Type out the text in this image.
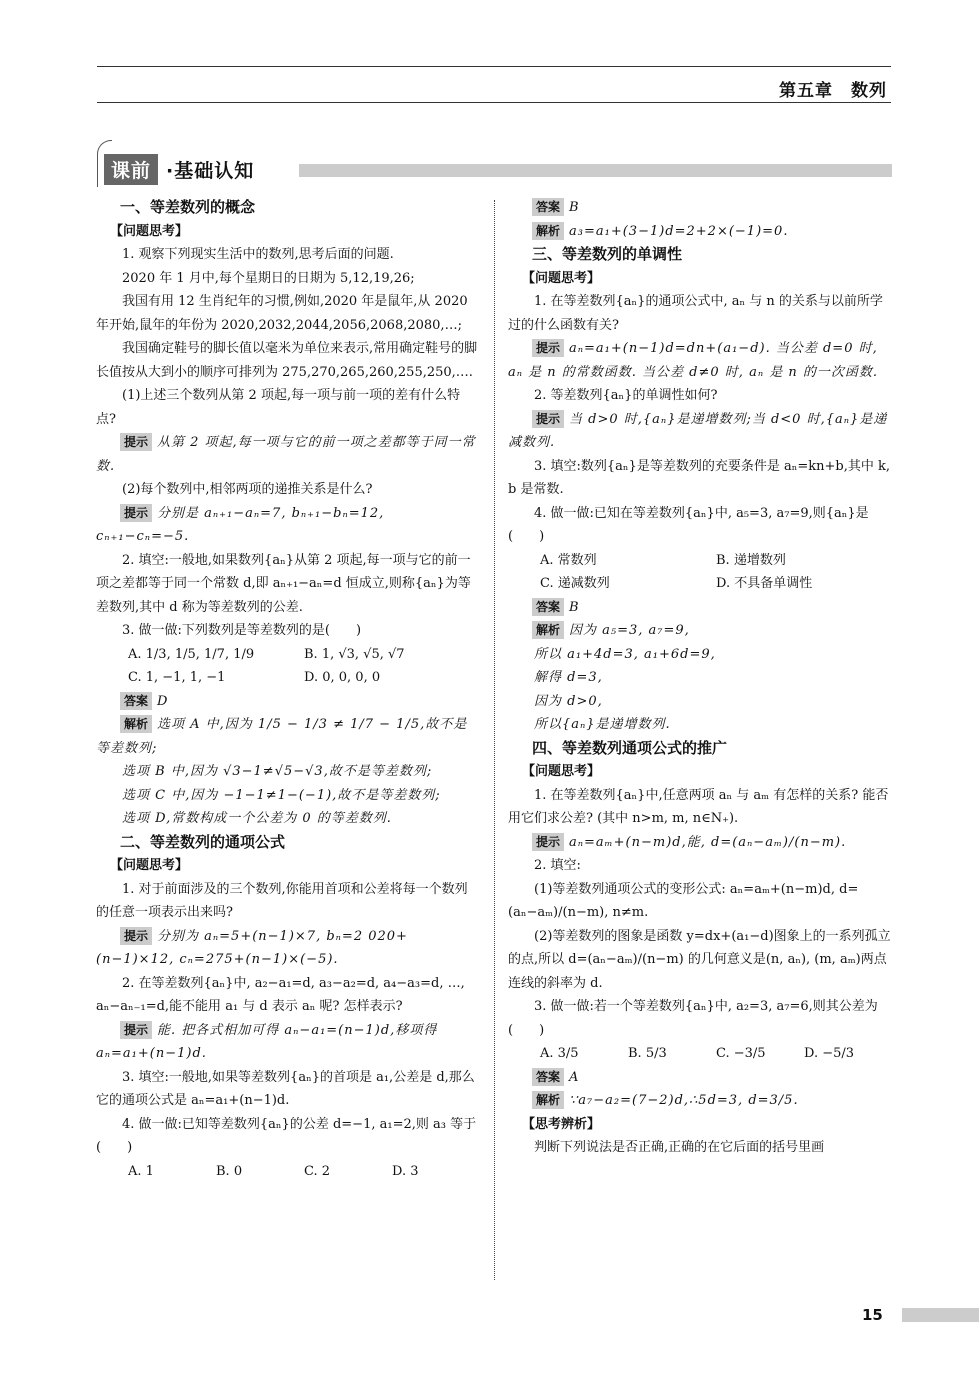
第五章　数列
课前 ·基础认知

一、等差数列的概念

【问题思考】

1. 观察下列现实生活中的数列,思考后面的问题.

2020 年 1 月中,每个星期日的日期为 5,12,19,26;

我国有用 12 生肖纪年的习惯,例如,2020 年是鼠年,从 2020 年开始,鼠年的年份为 2020,2032,2044,2056,2068,2080,…;

我国确定鞋号的脚长值以毫米为单位来表示,常用确定鞋号的脚长值按从大到小的顺序可排列为 275,270,265,260,255,250,….

(1)上述三个数列从第 2 项起,每一项与前一项的差有什么特点?

提示 从第 2 项起,每一项与它的前一项之差都等于同一常数.

(2)每个数列中,相邻两项的递推关系是什么?

提示 分别是 aₙ₊₁−aₙ=7, bₙ₊₁−bₙ=12, cₙ₊₁−cₙ=−5.

2. 填空:一般地,如果数列{aₙ}从第 2 项起,每一项与它的前一项之差都等于同一个常数 d,即 aₙ₊₁−aₙ=d 恒成立,则称{aₙ}为等差数列,其中 d 称为等差数列的公差.

3. 做一做:下列数列是等差数列的是(　　)

A. 1/3, 1/5, 1/7, 1/9	B. 1, √3, √5, √7

C. 1, −1, 1, −1	D. 0, 0, 0, 0

答案 D

解析 选项 A 中,因为 1/5 − 1/3 ≠ 1/7 − 1/5,故不是等差数列;

选项 B 中,因为 √3−1≠√5−√3,故不是等差数列;

选项 C 中,因为 −1−1≠1−(−1),故不是等差数列;

选项 D,常数构成一个公差为 0 的等差数列.

二、等差数列的通项公式

【问题思考】

1. 对于前面涉及的三个数列,你能用首项和公差将每一个数列的任意一项表示出来吗?

提示 分别为 aₙ=5+(n−1)×7, bₙ=2 020+(n−1)×12, cₙ=275+(n−1)×(−5).

2. 在等差数列{aₙ}中, a₂−a₁=d, a₃−a₂=d, a₄−a₃=d, …, aₙ−aₙ₋₁=d,能不能用 a₁ 与 d 表示 aₙ 呢? 怎样表示?

提示 能. 把各式相加可得 aₙ−a₁=(n−1)d,移项得 aₙ=a₁+(n−1)d.

3. 填空:一般地,如果等差数列{aₙ}的首项是 a₁,公差是 d,那么它的通项公式是 aₙ=a₁+(n−1)d.

4. 做一做:已知等差数列{aₙ}的公差 d=−1, a₁=2,则 a₃ 等于(　　)

A. 1	B. 0	C. 2	D. 3

答案 B

解析 a₃=a₁+(3−1)d=2+2×(−1)=0.

三、等差数列的单调性

【问题思考】

1. 在等差数列{aₙ}的通项公式中, aₙ 与 n 的关系与以前所学过的什么函数有关?

提示 aₙ=a₁+(n−1)d=dn+(a₁−d). 当公差 d=0 时, aₙ 是 n 的常数函数. 当公差 d≠0 时, aₙ 是 n 的一次函数.

2. 等差数列{aₙ}的单调性如何?

提示 当 d>0 时,{aₙ}是递增数列;当 d<0 时,{aₙ}是递减数列.

3. 填空:数列{aₙ}是等差数列的充要条件是 aₙ=kn+b,其中 k, b 是常数.

4. 做一做:已知在等差数列{aₙ}中, a₅=3, a₇=9,则{aₙ}是(　　)

A. 常数列	B. 递增数列

C. 递减数列	D. 不具备单调性

答案 B

解析 因为 a₅=3, a₇=9,

所以 a₁+4d=3, a₁+6d=9,

解得 d=3,

因为 d>0,

所以{aₙ}是递增数列.

四、等差数列通项公式的推广

【问题思考】

1. 在等差数列{aₙ}中,任意两项 aₙ 与 aₘ 有怎样的关系? 能否用它们求公差? (其中 n>m, m, n∈N₊).

提示 aₙ=aₘ+(n−m)d,能, d=(aₙ−aₘ)/(n−m).

2. 填空:

(1)等差数列通项公式的变形公式: aₙ=aₘ+(n−m)d, d=(aₙ−aₘ)/(n−m), n≠m.

(2)等差数列的图象是函数 y=dx+(a₁−d)图象上的一系列孤立的点,所以 d=(aₙ−aₘ)/(n−m) 的几何意义是(n, aₙ), (m, aₘ)两点连线的斜率为 d.

3. 做一做:若一个等差数列{aₙ}中, a₂=3, a₇=6,则其公差为(　　)

A. 3/5	B. 5/3	C. −3/5	D. −5/3

答案 A

解析 ∵a₇−a₂=(7−2)d,∴5d=3, d=3/5.

【思考辨析】

判断下列说法是否正确,正确的在它后面的括号里画

15
